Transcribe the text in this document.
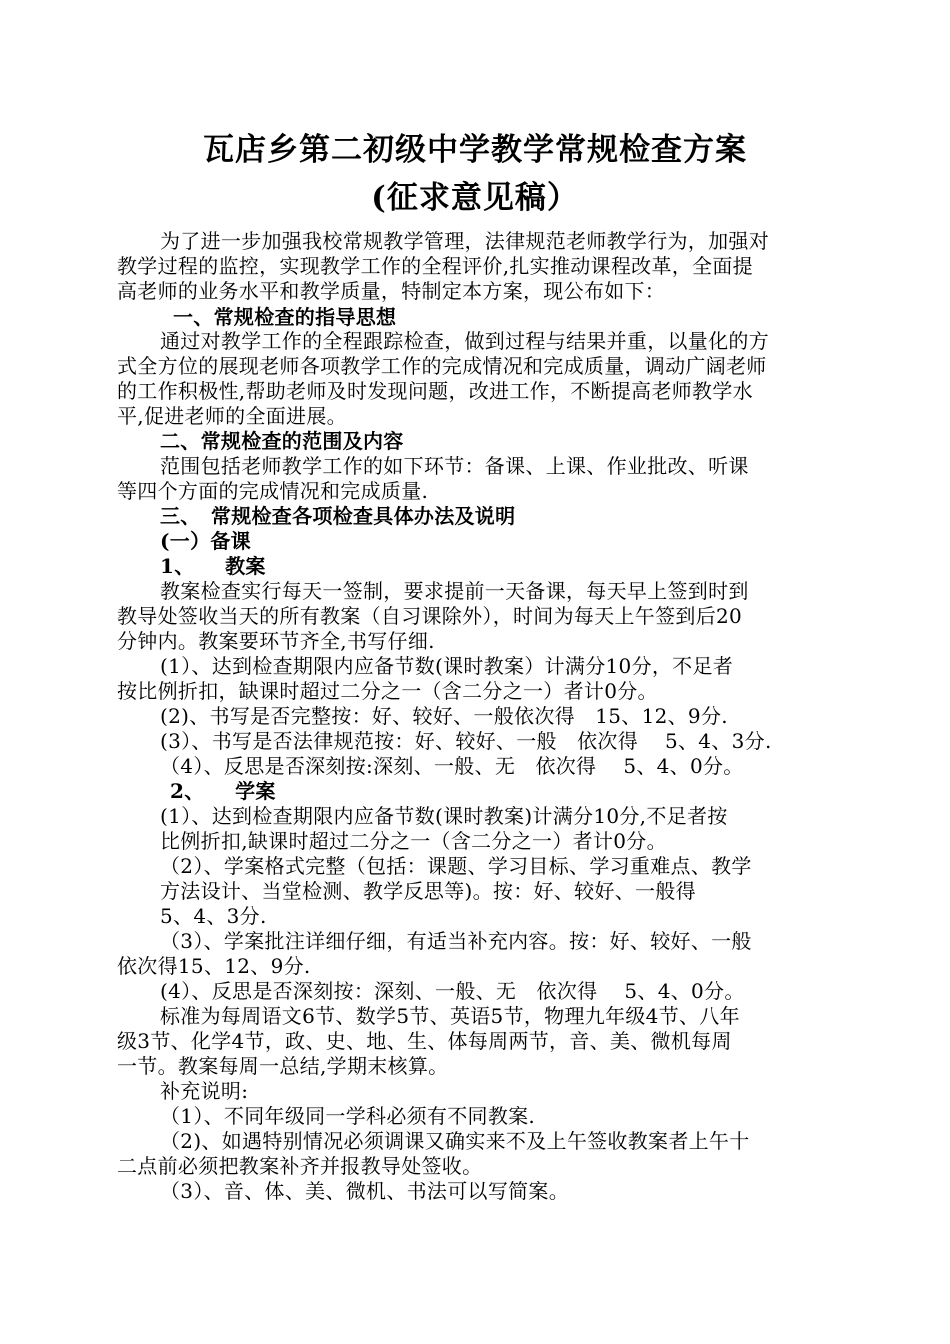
瓦店乡第二初级中学教学常规检查方案
(征求意见稿）
为了进一步加强我校常规教学管理，法律规范老师教学行为，加强对
教学过程的监控，实现教学工作的全程评价,扎实推动课程改革，全面提
高老师的业务水平和教学质量，特制定本方案，现公布如下：
一、常规检查的指导思想
通过对教学工作的全程跟踪检查，做到过程与结果并重，以量化的方
式全方位的展现老师各项教学工作的完成情况和完成质量，调动广阔老师
的工作积极性,帮助老师及时发现问题，改进工作，不断提高老师教学水
平,促进老师的全面进展。
二、常规检查的范围及内容
范围包括老师教学工作的如下环节：备课、上课、作业批改、听课
等四个方面的完成情况和完成质量.
三、　常规检查各项检查具体办法及说明
(一）备课
1、　　教案
教案检查实行每天一签制，要求提前一天备课，每天早上签到时到
教导处签收当天的所有教案（自习课除外），时间为每天上午签到后20
分钟内。教案要环节齐全,书写仔细.
(1）、达到检查期限内应备节数(课时教案）计满分10分，不足者
按比例折扣，缺课时超过二分之一（含二分之一）者计0分。
(2)、书写是否完整按：好、较好、一般依次得　15、12、9分.
(3）、书写是否法律规范按：好、较好、一般　依次得　 5、4、3分.
（4）、反思是否深刻按:深刻、一般、无　依次得　 5、4、0分。
2、　　学案
(1）、达到检查期限内应备节数(课时教案)计满分10分,不足者按
比例折扣,缺课时超过二分之一（含二分之一）者计0分。
（2）、学案格式完整（包括：课题、学习目标、学习重难点、教学
方法设计、当堂检测、教学反思等)。按：好、较好、一般得
5、4、3分.
（3）、学案批注详细仔细，有适当补充内容。按：好、较好、一般
依次得15、12、9分.
(4）、反思是否深刻按：深刻、一般、无　依次得　 5、4、0分。
标准为每周语文6节、数学5节、英语5节，物理九年级4节、八年
级3节、化学4节，政、史、地、生、体每周两节，音、美、微机每周
一节。教案每周一总结,学期末核算。
补充说明:
（1）、不同年级同一学科必须有不同教案.
（2)、如遇特别情况必须调课又确实来不及上午签收教案者上午十
二点前必须把教案补齐并报教导处签收。
（3）、音、体、美、微机、书法可以写简案。
